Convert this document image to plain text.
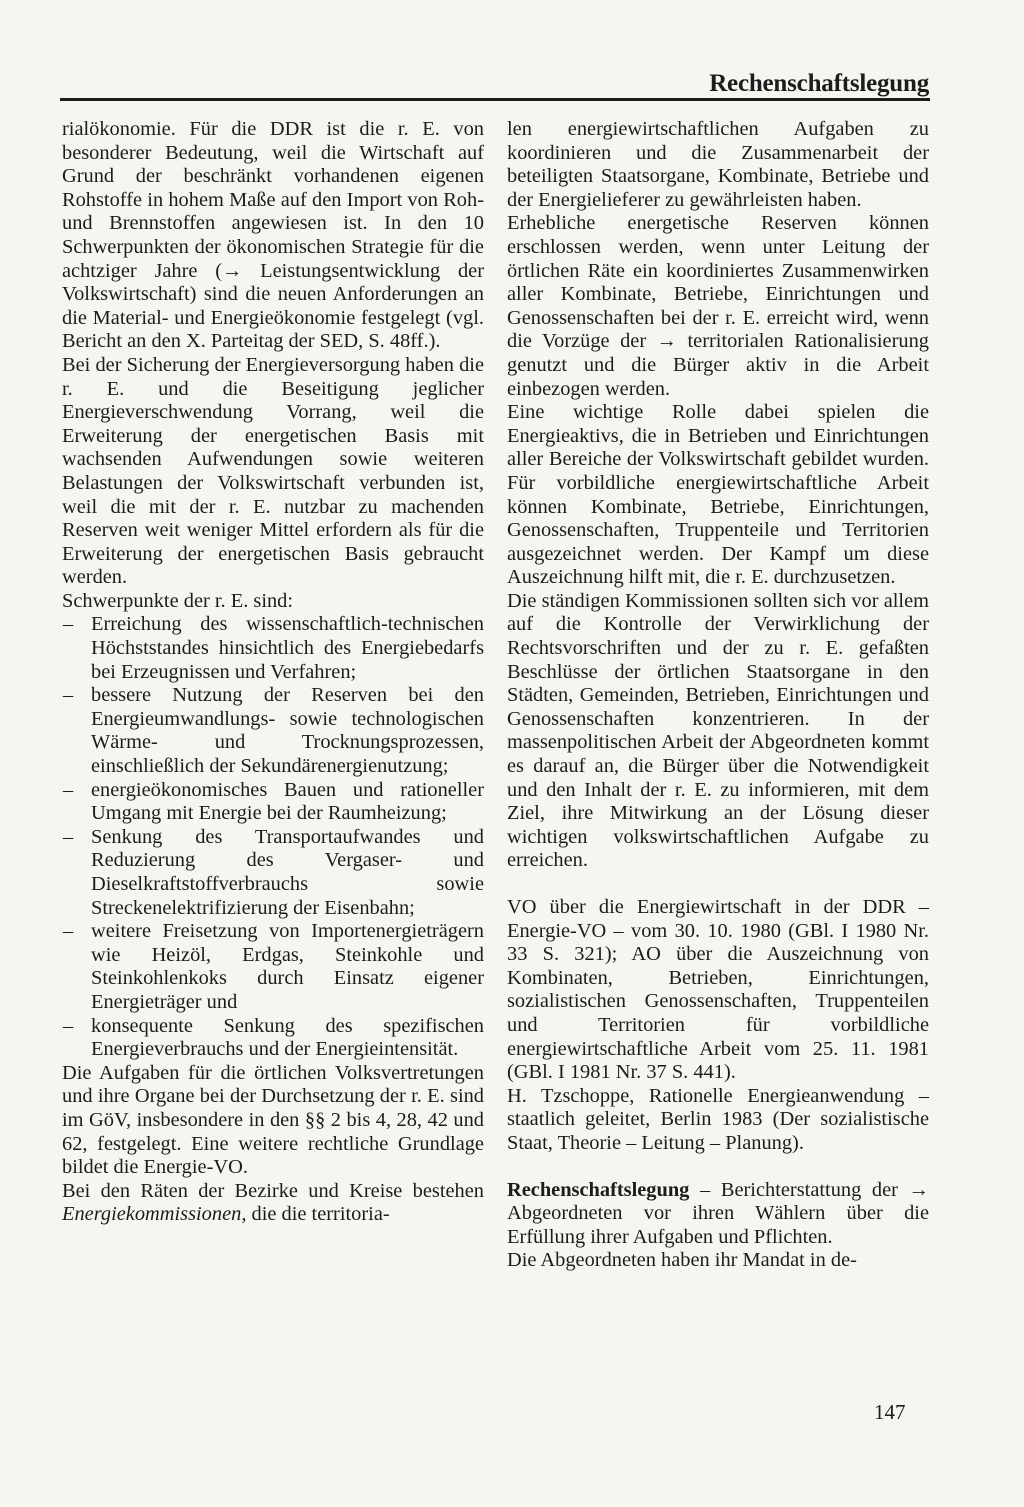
Rechenschaftslegung

rialökonomie. Für die DDR ist die r. E. von besonderer Bedeutung, weil die Wirtschaft auf Grund der beschränkt vorhandenen eigenen Rohstoffe in hohem Maße auf den Import von Roh- und Brennstoffen angewiesen ist. In den 10 Schwerpunkten der ökonomischen Strategie für die achtziger Jahre (→ Leistungsentwicklung der Volkswirtschaft) sind die neuen Anforderungen an die Material- und Energieökonomie festgelegt (vgl. Bericht an den X. Parteitag der SED, S. 48ff.).

Bei der Sicherung der Energieversorgung haben die r. E. und die Beseitigung jeglicher Energieverschwendung Vorrang, weil die Erweiterung der energetischen Basis mit wachsenden Aufwendungen sowie weiteren Belastungen der Volkswirtschaft verbunden ist, weil die mit der r. E. nutzbar zu machenden Reserven weit weniger Mittel erfordern als für die Erweiterung der energetischen Basis gebraucht werden.

Schwerpunkte der r. E. sind:

– Erreichung des wissenschaftlich-technischen Höchststandes hinsichtlich des Energiebedarfs bei Erzeugnissen und Verfahren;
– bessere Nutzung der Reserven bei den Energieumwandlungs- sowie technologischen Wärme- und Trocknungsprozessen, einschließlich der Sekundärenergienutzung;
– energieökonomisches Bauen und rationeller Umgang mit Energie bei der Raumheizung;
– Senkung des Transportaufwandes und Reduzierung des Vergaser- und Dieselkraftstoffverbrauchs sowie Streckenelektrifizierung der Eisenbahn;
– weitere Freisetzung von Importenergieträgern wie Heizöl, Erdgas, Steinkohle und Steinkohlenkoks durch Einsatz eigener Energieträger und
– konsequente Senkung des spezifischen Energieverbrauchs und der Energieintensität.

Die Aufgaben für die örtlichen Volksvertretungen und ihre Organe bei der Durchsetzung der r. E. sind im GöV, insbesondere in den §§ 2 bis 4, 28, 42 und 62, festgelegt. Eine weitere rechtliche Grundlage bildet die Energie-VO.

Bei den Räten der Bezirke und Kreise bestehen Energiekommissionen, die die territoria-

len energiewirtschaftlichen Aufgaben zu koordinieren und die Zusammenarbeit der beteiligten Staatsorgane, Kombinate, Betriebe und der Energielieferer zu gewährleisten haben.

Erhebliche energetische Reserven können erschlossen werden, wenn unter Leitung der örtlichen Räte ein koordiniertes Zusammenwirken aller Kombinate, Betriebe, Einrichtungen und Genossenschaften bei der r. E. erreicht wird, wenn die Vorzüge der → territorialen Rationalisierung genutzt und die Bürger aktiv in die Arbeit einbezogen werden.

Eine wichtige Rolle dabei spielen die Energieaktivs, die in Betrieben und Einrichtungen aller Bereiche der Volkswirtschaft gebildet wurden. Für vorbildliche energiewirtschaftliche Arbeit können Kombinate, Betriebe, Einrichtungen, Genossenschaften, Truppenteile und Territorien ausgezeichnet werden. Der Kampf um diese Auszeichnung hilft mit, die r. E. durchzusetzen.

Die ständigen Kommissionen sollten sich vor allem auf die Kontrolle der Verwirklichung der Rechtsvorschriften und der zu r. E. gefaßten Beschlüsse der örtlichen Staatsorgane in den Städten, Gemeinden, Betrieben, Einrichtungen und Genossenschaften konzentrieren. In der massenpolitischen Arbeit der Abgeordneten kommt es darauf an, die Bürger über die Notwendigkeit und den Inhalt der r. E. zu informieren, mit dem Ziel, ihre Mitwirkung an der Lösung dieser wichtigen volkswirtschaftlichen Aufgabe zu erreichen.

VO über die Energiewirtschaft in der DDR – Energie-VO – vom 30. 10. 1980 (GBl. I 1980 Nr. 33 S. 321); AO über die Auszeichnung von Kombinaten, Betrieben, Einrichtungen, sozialistischen Genossenschaften, Truppenteilen und Territorien für vorbildliche energiewirtschaftliche Arbeit vom 25. 11. 1981 (GBl. I 1981 Nr. 37 S. 441).

H. Tzschoppe, Rationelle Energieanwendung – staatlich geleitet, Berlin 1983 (Der sozialistische Staat, Theorie – Leitung – Planung).

Rechenschaftslegung – Berichterstattung der → Abgeordneten vor ihren Wählern über die Erfüllung ihrer Aufgaben und Pflichten.

Die Abgeordneten haben ihr Mandat in de-

147
